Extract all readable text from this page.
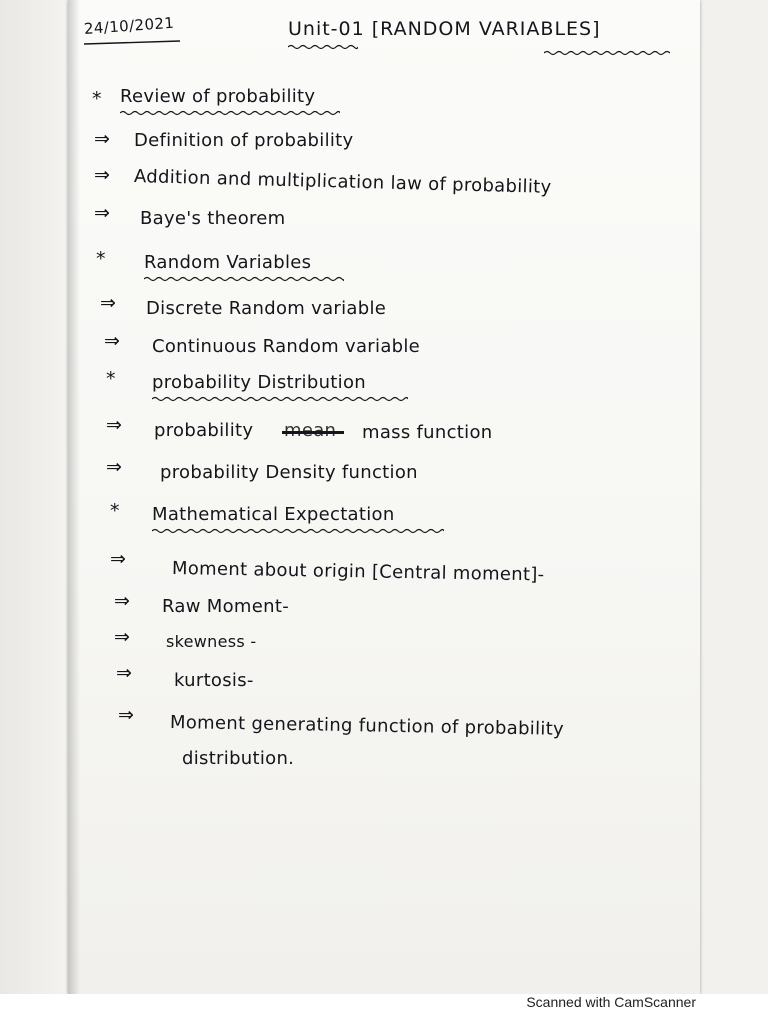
24/10/2021	Unit-01 [RANDOM VARIABLES]
* Review of probability
⇒ Definition of probability
⇒ Addition and multiplication law of probability
⇒ Baye's theorem
* Random Variables
⇒ Discrete Random variable
⇒ Continuous Random variable
* probability Distribution
⇒ probability	mass function
⇒ probability Density function
* Mathematical Expectation
⇒	Moment about origin [Central moment]-
⇒ Raw Moment-
⇒ skewness -
⇒ kurtosis-
⇒ Moment generating function of probability
distribution.
Scanned with CamScanner
